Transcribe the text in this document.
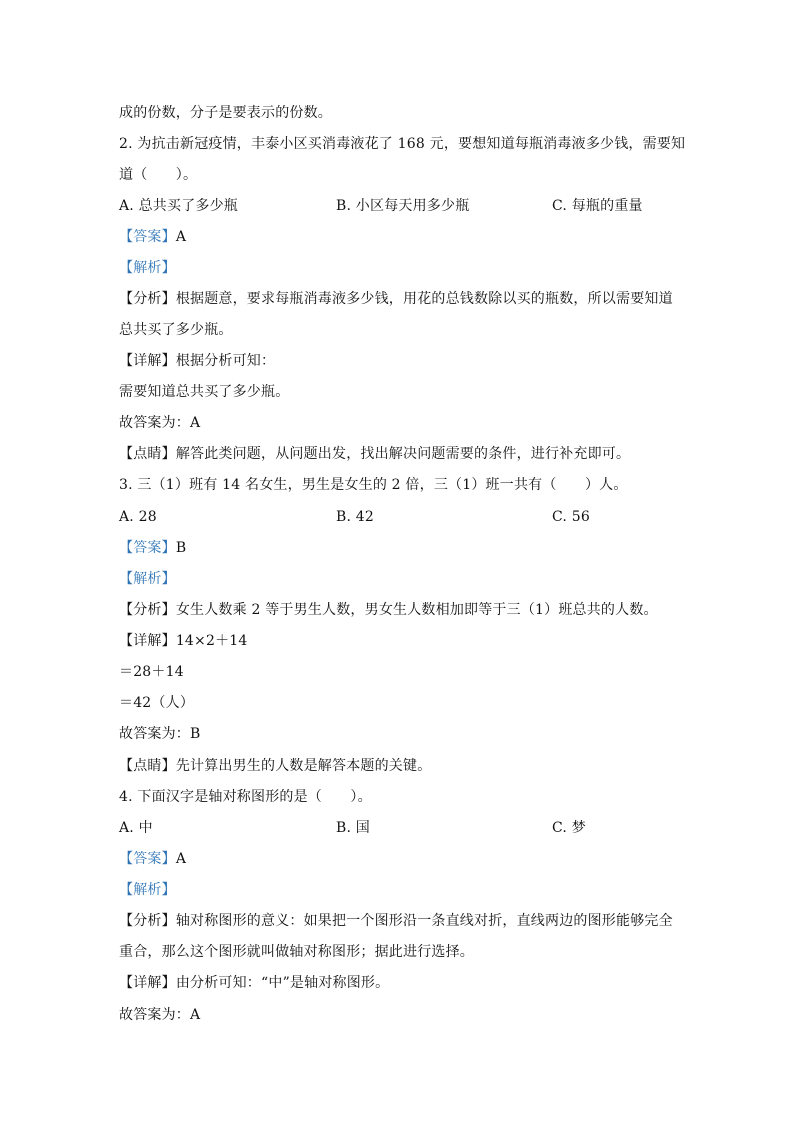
成的份数，分子是要表示的份数。
2. 为抗击新冠疫情，丰泰小区买消毒液花了 168 元，要想知道每瓶消毒液多少钱，需要知
道（　　）。
A. 总共买了多少瓶	B. 小区每天用多少瓶	C. 每瓶的重量
【答案】A
【解析】
【分析】根据题意，要求每瓶消毒液多少钱，用花的总钱数除以买的瓶数，所以需要知道
总共买了多少瓶。
【详解】根据分析可知：
需要知道总共买了多少瓶。
故答案为：A
【点睛】解答此类问题，从问题出发，找出解决问题需要的条件，进行补充即可。
3. 三（1）班有 14 名女生，男生是女生的 2 倍，三（1）班一共有（　　）人。
A. 28	B. 42	C. 56
【答案】B
【解析】
【分析】女生人数乘 2 等于男生人数，男女生人数相加即等于三（1）班总共的人数。
【详解】14×2＋14
＝28＋14
＝42（人）
故答案为：B
【点睛】先计算出男生的人数是解答本题的关键。
4. 下面汉字是轴对称图形的是（　　）。
A. 中	B. 国	C. 梦
【答案】A
【解析】
【分析】轴对称图形的意义：如果把一个图形沿一条直线对折，直线两边的图形能够完全
重合，那么这个图形就叫做轴对称图形；据此进行选择。
【详解】由分析可知：“中”是轴对称图形。
故答案为：A
